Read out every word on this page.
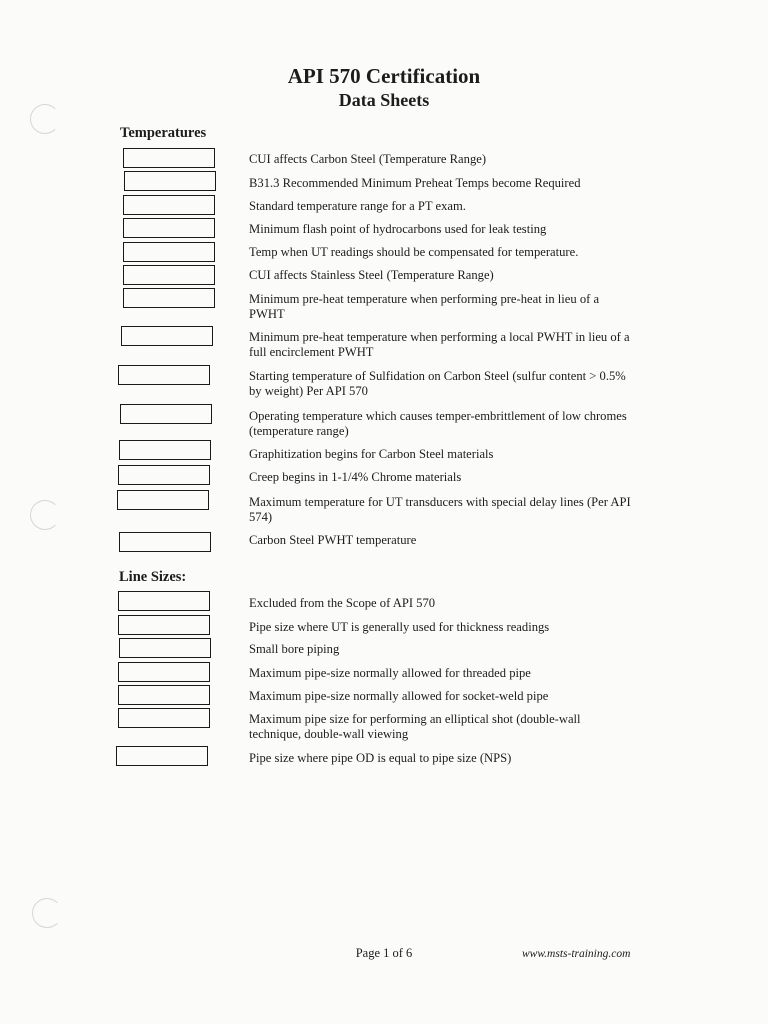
API 570 Certification
Data Sheets
Temperatures

CUI affects Carbon Steel (Temperature Range)

B31.3 Recommended Minimum Preheat Temps become Required

Standard temperature range for a PT exam.

Minimum flash point of hydrocarbons used for leak testing

Temp when UT readings should be compensated for temperature.

CUI affects Stainless Steel (Temperature Range)

Minimum pre-heat temperature when performing pre-heat in lieu of a PWHT

Minimum pre-heat temperature when performing a local PWHT in lieu of a full encirclement PWHT

Starting temperature of Sulfidation on Carbon Steel (sulfur content > 0.5% by weight) Per API 570

Operating temperature which causes temper-embrittlement of low chromes (temperature range)

Graphitization begins for Carbon Steel materials

Creep begins in 1-1/4% Chrome materials

Maximum temperature for UT transducers with special delay lines (Per API 574)

Carbon Steel PWHT temperature

Line Sizes:

Excluded from the Scope of API 570

Pipe size where UT is generally used for thickness readings

Small bore piping

Maximum pipe-size normally allowed for threaded pipe

Maximum pipe-size normally allowed for socket-weld pipe

Maximum pipe size for performing an elliptical shot (double-wall technique, double-wall viewing

Pipe size where pipe OD is equal to pipe size (NPS)

Page 1 of 6	www.msts-training.com
